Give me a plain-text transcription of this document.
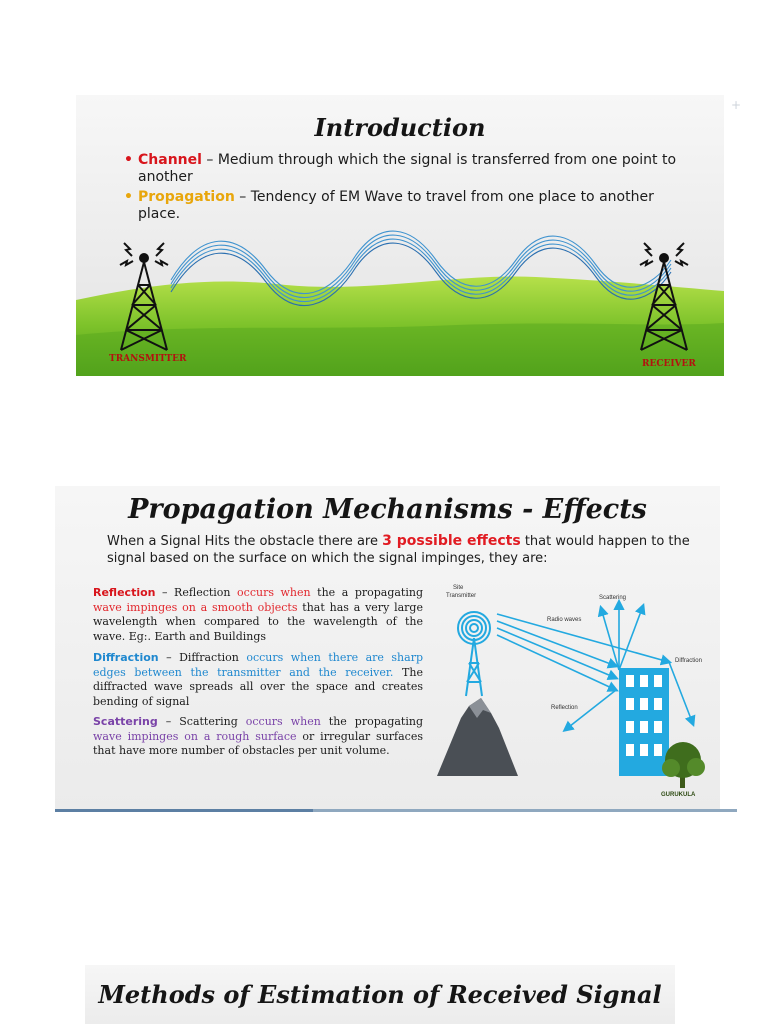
+
Introduction
• Channel – Medium through which the signal is transferred from one point to another
• Propagation – Tendency of EM Wave to travel from one place to another place.
TRANSMITTER	RECEIVER
Propagation Mechanisms - Effects
When a Signal Hits the obstacle there are 3 possible effects that would happen to the signal based on the surface on which the signal impinges, they are:
Reflection – Reflection occurs when the a propagating wave impinges on a smooth objects that has a very large wavelength when compared to the wavelength of the wave. Eg:. Earth and Buildings
Diffraction – Diffraction occurs when there are sharp edges between the transmitter and the receiver. The diffracted wave spreads all over the space and creates bending of signal
Scattering – Scattering occurs when the propagating wave impinges on a rough surface or irregular surfaces that have more number of obstacles per unit volume.
Site
Transmitter	Scattering
Radio waves
Diffraction
Reflection
GURUKULA
Methods of Estimation of Received Signal
